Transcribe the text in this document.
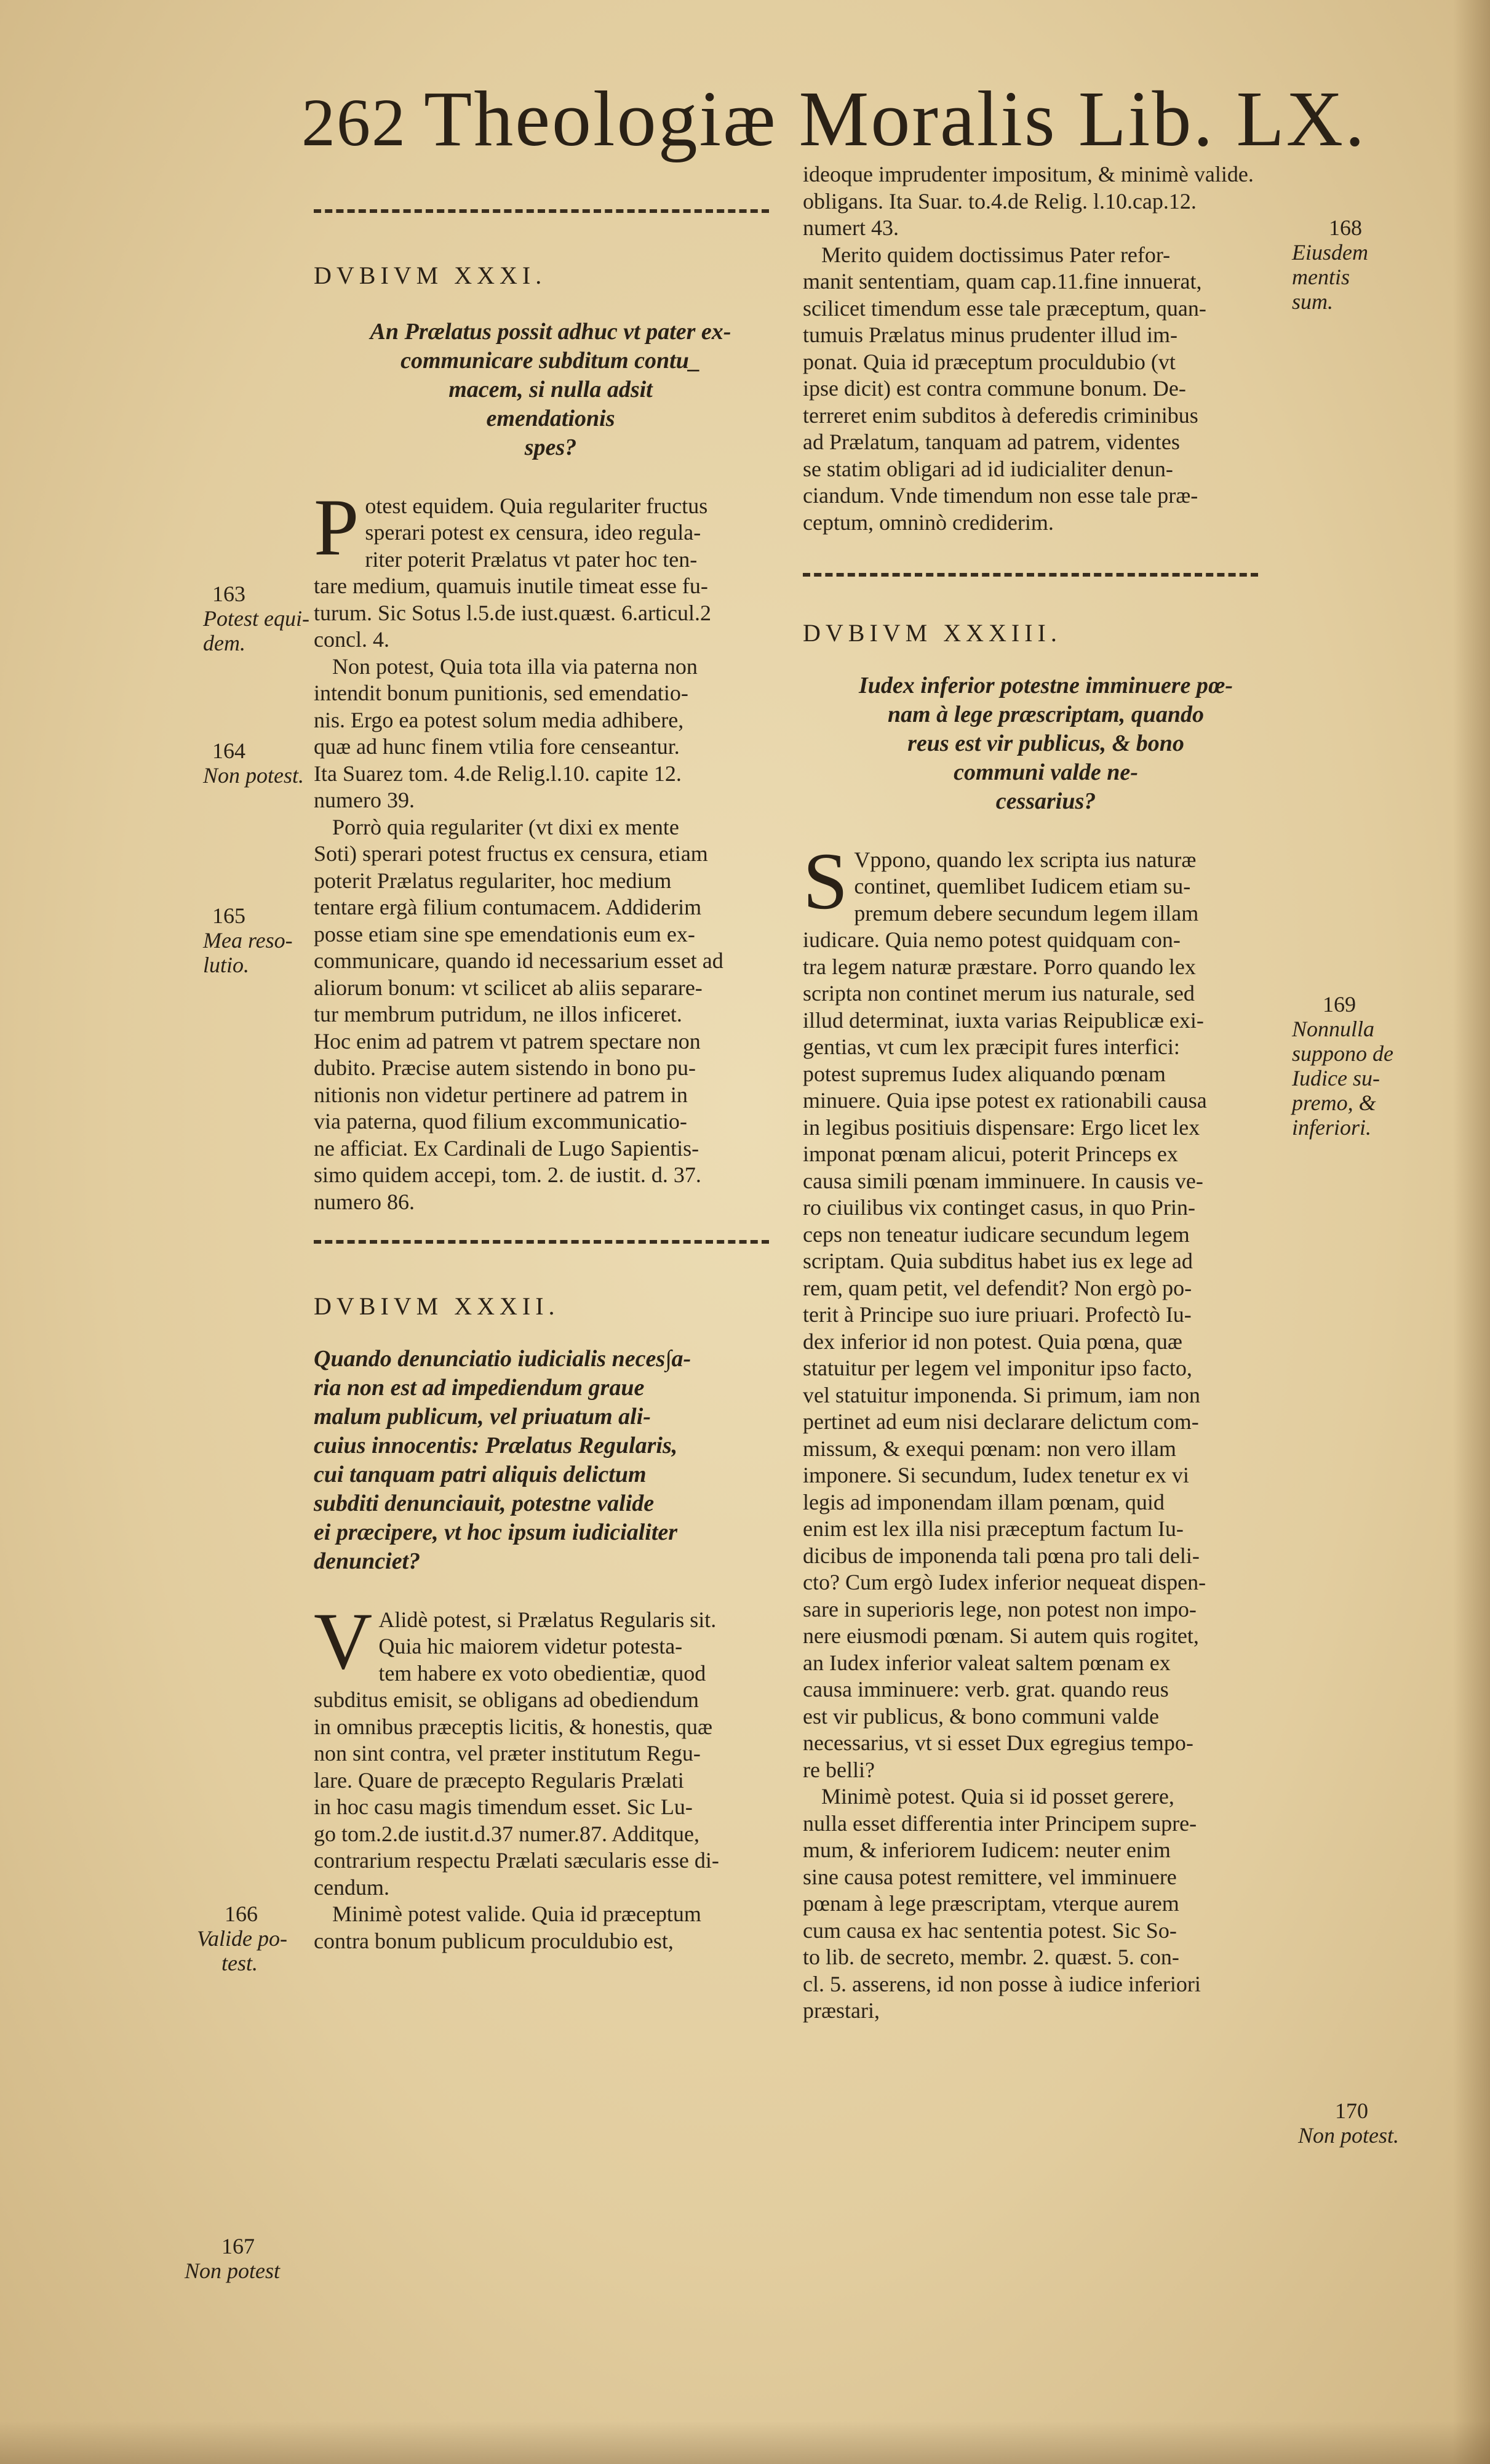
262 Theologiæ Moralis Lib. LX.

DVBIVM XXXI.

An Prælatus possit adhuc vt pater ex-
communicare subditum contu_
macem, si nulla adsit
emendationis
spes?
P otest equidem. Quia regulariter fructus

sperari potest ex censura, ideo regula-

riter poterit Prælatus vt pater hoc ten-

tare medium, quamuis inutile timeat esse fu-

turum. Sic Sotus l.5.de iust.quæst. 6.articul.2

concl. 4.

Non potest, Quia tota illa via paterna non

intendit bonum punitionis, sed emendatio-

nis. Ergo ea potest solum media adhibere,

quæ ad hunc finem vtilia fore censeantur.

Ita Suarez tom. 4.de Relig.l.10. capite 12.

numero 39.

Porrò quia regulariter (vt dixi ex mente

Soti) sperari potest fructus ex censura, etiam

poterit Prælatus regulariter, hoc medium

tentare ergà filium contumacem. Addiderim

posse etiam sine spe emendationis eum ex-

communicare, quando id necessarium esset ad

aliorum bonum: vt scilicet ab aliis separare-

tur membrum putridum, ne illos inficeret.

Hoc enim ad patrem vt patrem spectare non

dubito. Præcise autem sistendo in bono pu-

nitionis non videtur pertinere ad patrem in

via paterna, quod filium excommunicatio-

ne afficiat. Ex Cardinali de Lugo Sapientis-

simo quidem accepi, tom. 2. de iustit. d. 37.

numero 86.

DVBIVM XXXII.

Quando denunciatio iudicialis neces∫a-
ria non est ad impediendum graue
malum publicum, vel priuatum ali-
cuius innocentis: Prælatus Regularis,
cui tanquam patri aliquis delictum
subditi denunciauit, potestne valide
ei præcipere, vt hoc ipsum iudicialiter
denunciet?
V Alidè potest, si Prælatus Regularis sit.

Quia hic maiorem videtur potesta-

tem habere ex voto obedientiæ, quod

subditus emisit, se obligans ad obediendum

in omnibus præceptis licitis, & honestis, quæ

non sint contra, vel præter institutum Regu-

lare. Quare de præcepto Regularis Prælati

in hoc casu magis timendum esset. Sic Lu-

go tom.2.de iustit.d.37 numer.87. Additque,

contrarium respectu Prælati sæcularis esse di-

cendum.

Minimè potest valide. Quia id præceptum

contra bonum publicum proculdubio est,

ideoque imprudenter impositum, & minimè valide.

obligans. Ita Suar. to.4.de Relig. l.10.cap.12.

numert 43.

Merito quidem doctissimus Pater refor-

manit sententiam, quam cap.11.fine innuerat,

scilicet timendum esse tale præceptum, quan-

tumuis Prælatus minus prudenter illud im-

ponat. Quia id præceptum proculdubio (vt

ipse dicit) est contra commune bonum. De-

terreret enim subditos à deferedis criminibus

ad Prælatum, tanquam ad patrem, videntes

se statim obligari ad id iudicialiter denun-

ciandum. Vnde timendum non esse tale præ-

ceptum, omninò crediderim.

DVBIVM XXXIII.

Iudex inferior potestne imminuere pœ-
nam à lege præscriptam, quando
reus est vir publicus, & bono
communi valde ne-
cessarius?
S Vppono, quando lex scripta ius naturæ

continet, quemlibet Iudicem etiam su-

premum debere secundum legem illam

iudicare. Quia nemo potest quidquam con-

tra legem naturæ præstare. Porro quando lex

scripta non continet merum ius naturale, sed

illud determinat, iuxta varias Reipublicæ exi-

gentias, vt cum lex præcipit fures interfici:

potest supremus Iudex aliquando pœnam

minuere. Quia ipse potest ex rationabili causa

in legibus positiuis dispensare: Ergo licet lex

imponat pœnam alicui, poterit Princeps ex

causa simili pœnam imminuere. In causis ve-

ro ciuilibus vix continget casus, in quo Prin-

ceps non teneatur iudicare secundum legem

scriptam. Quia subditus habet ius ex lege ad

rem, quam petit, vel defendit? Non ergò po-

terit à Principe suo iure priuari. Profectò Iu-

dex inferior id non potest. Quia pœna, quæ

statuitur per legem vel imponitur ipso facto,

vel statuitur imponenda. Si primum, iam non

pertinet ad eum nisi declarare delictum com-

missum, & exequi pœnam: non vero illam

imponere. Si secundum, Iudex tenetur ex vi

legis ad imponendam illam pœnam, quid

enim est lex illa nisi præceptum factum Iu-

dicibus de imponenda tali pœna pro tali deli-

cto? Cum ergò Iudex inferior nequeat dispen-

sare in superioris lege, non potest non impo-

nere eiusmodi pœnam. Si autem quis rogitet,

an Iudex inferior valeat saltem pœnam ex

causa imminuere: verb. grat. quando reus

est vir publicus, & bono communi valde

necessarius, vt si esset Dux egregius tempo-

re belli?

Minimè potest. Quia si id posset gerere,

nulla esset differentia inter Principem supre-

mum, & inferiorem Iudicem: neuter enim

sine causa potest remittere, vel imminuere

pœnam à lege præscriptam, vterque aurem

cum causa ex hac sententia potest. Sic So-

to lib. de secreto, membr. 2. quæst. 5. con-

cl. 5. asserens, id non posse à iudice inferiori

præstari,

163
Potest equi-
dem.
164
Non potest.
165
Mea reso-
lutio.
166
Valide po-
test.
167
Non potest
168
Eiusdem
mentis
sum.
169
Nonnulla
suppono de
Iudice su-
premo, &
inferiori.
170
Non potest.
